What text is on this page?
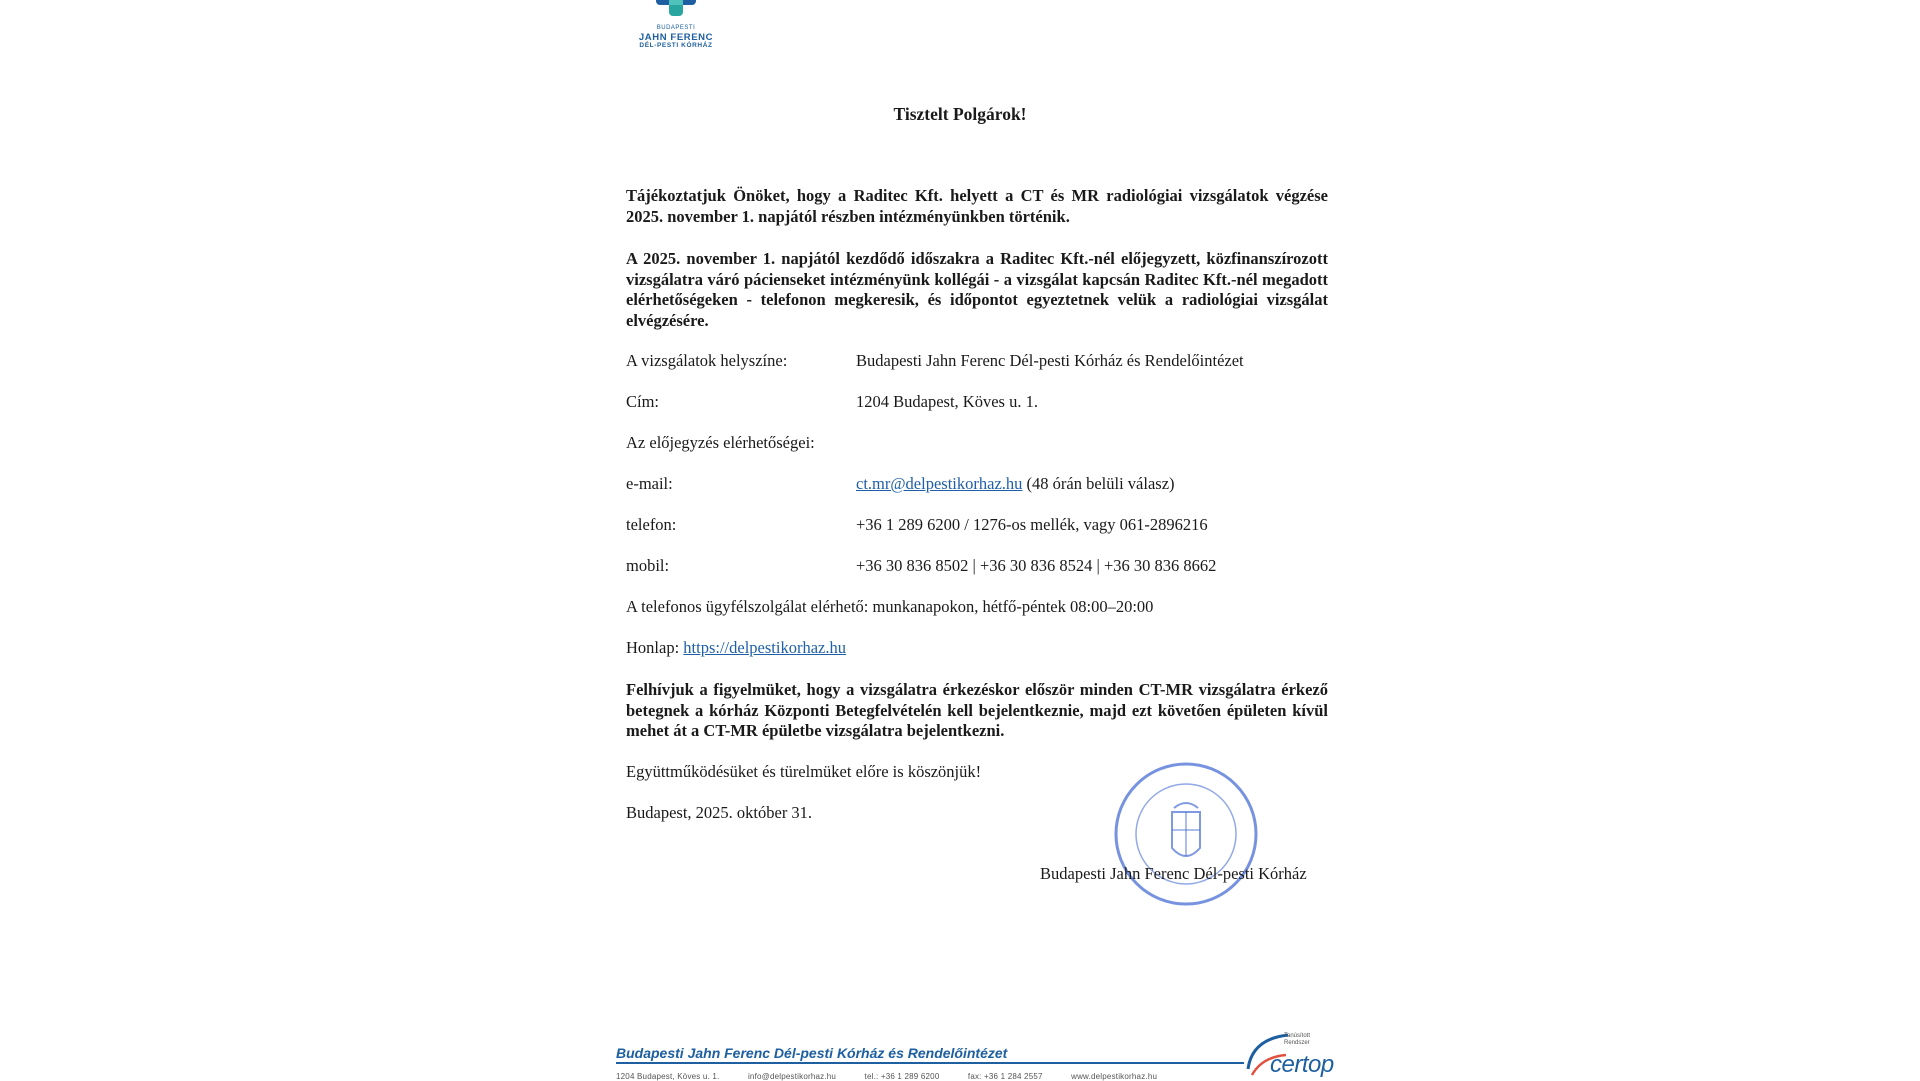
BUDAPESTI
JAHN FERENC
DÉL-PESTI KÓRHÁZ
Tisztelt Polgárok!
Tájékoztatjuk Önöket, hogy a Raditec Kft. helyett a CT és MR radiológiai vizsgálatok végzése 2025. november 1. napjától részben intézményünkben történik.
A 2025. november 1. napjától kezdődő időszakra a Raditec Kft.-nél előjegyzett, közfinanszírozott vizsgálatra váró pácienseket intézményünk kollégái - a vizsgálat kapcsán Raditec Kft.-nél megadott elérhetőségeken - telefonon megkeresik, és időpontot egyeztetnek velük a radiológiai vizsgálat elvégzésére.
A vizsgálatok helyszíne:	Budapesti Jahn Ferenc Dél-pesti Kórház és Rendelőintézet
Cím:	1204 Budapest, Köves u. 1.
Az előjegyzés elérhetőségei:
e-mail:	ct.mr@delpestikorhaz.hu (48 órán belüli válasz)
telefon:	+36 1 289 6200 / 1276-os mellék, vagy 061-2896216
mobil:	+36 30 836 8502 | +36 30 836 8524 | +36 30 836 8662
A telefonos ügyfélszolgálat elérhető: munkanapokon, hétfő-péntek 08:00–20:00
Honlap: https://delpestikorhaz.hu
Felhívjuk a figyelmüket, hogy a vizsgálatra érkezéskor először minden CT-MR vizsgálatra érkező betegnek a kórház Központi Betegfelvételén kell bejelentkeznie, majd ezt követően épületen kívül mehet át a CT-MR épületbe vizsgálatra bejelentkezni.
Együttműködésüket és türelmüket előre is köszönjük!
Budapest, 2025. október 31.
Budapesti Jahn Ferenc Dél-pesti Kórház
Budapesti Jahn Ferenc Dél-pesti Kórház és Rendelőintézet
1204 Budapest, Köves u. 1.	info@delpestikorhaz.hu	tel.: +36 1 289 6200	fax: +36 1 284 2557	www.delpestikorhaz.hu
Tanúsított
Rendszer
certop
